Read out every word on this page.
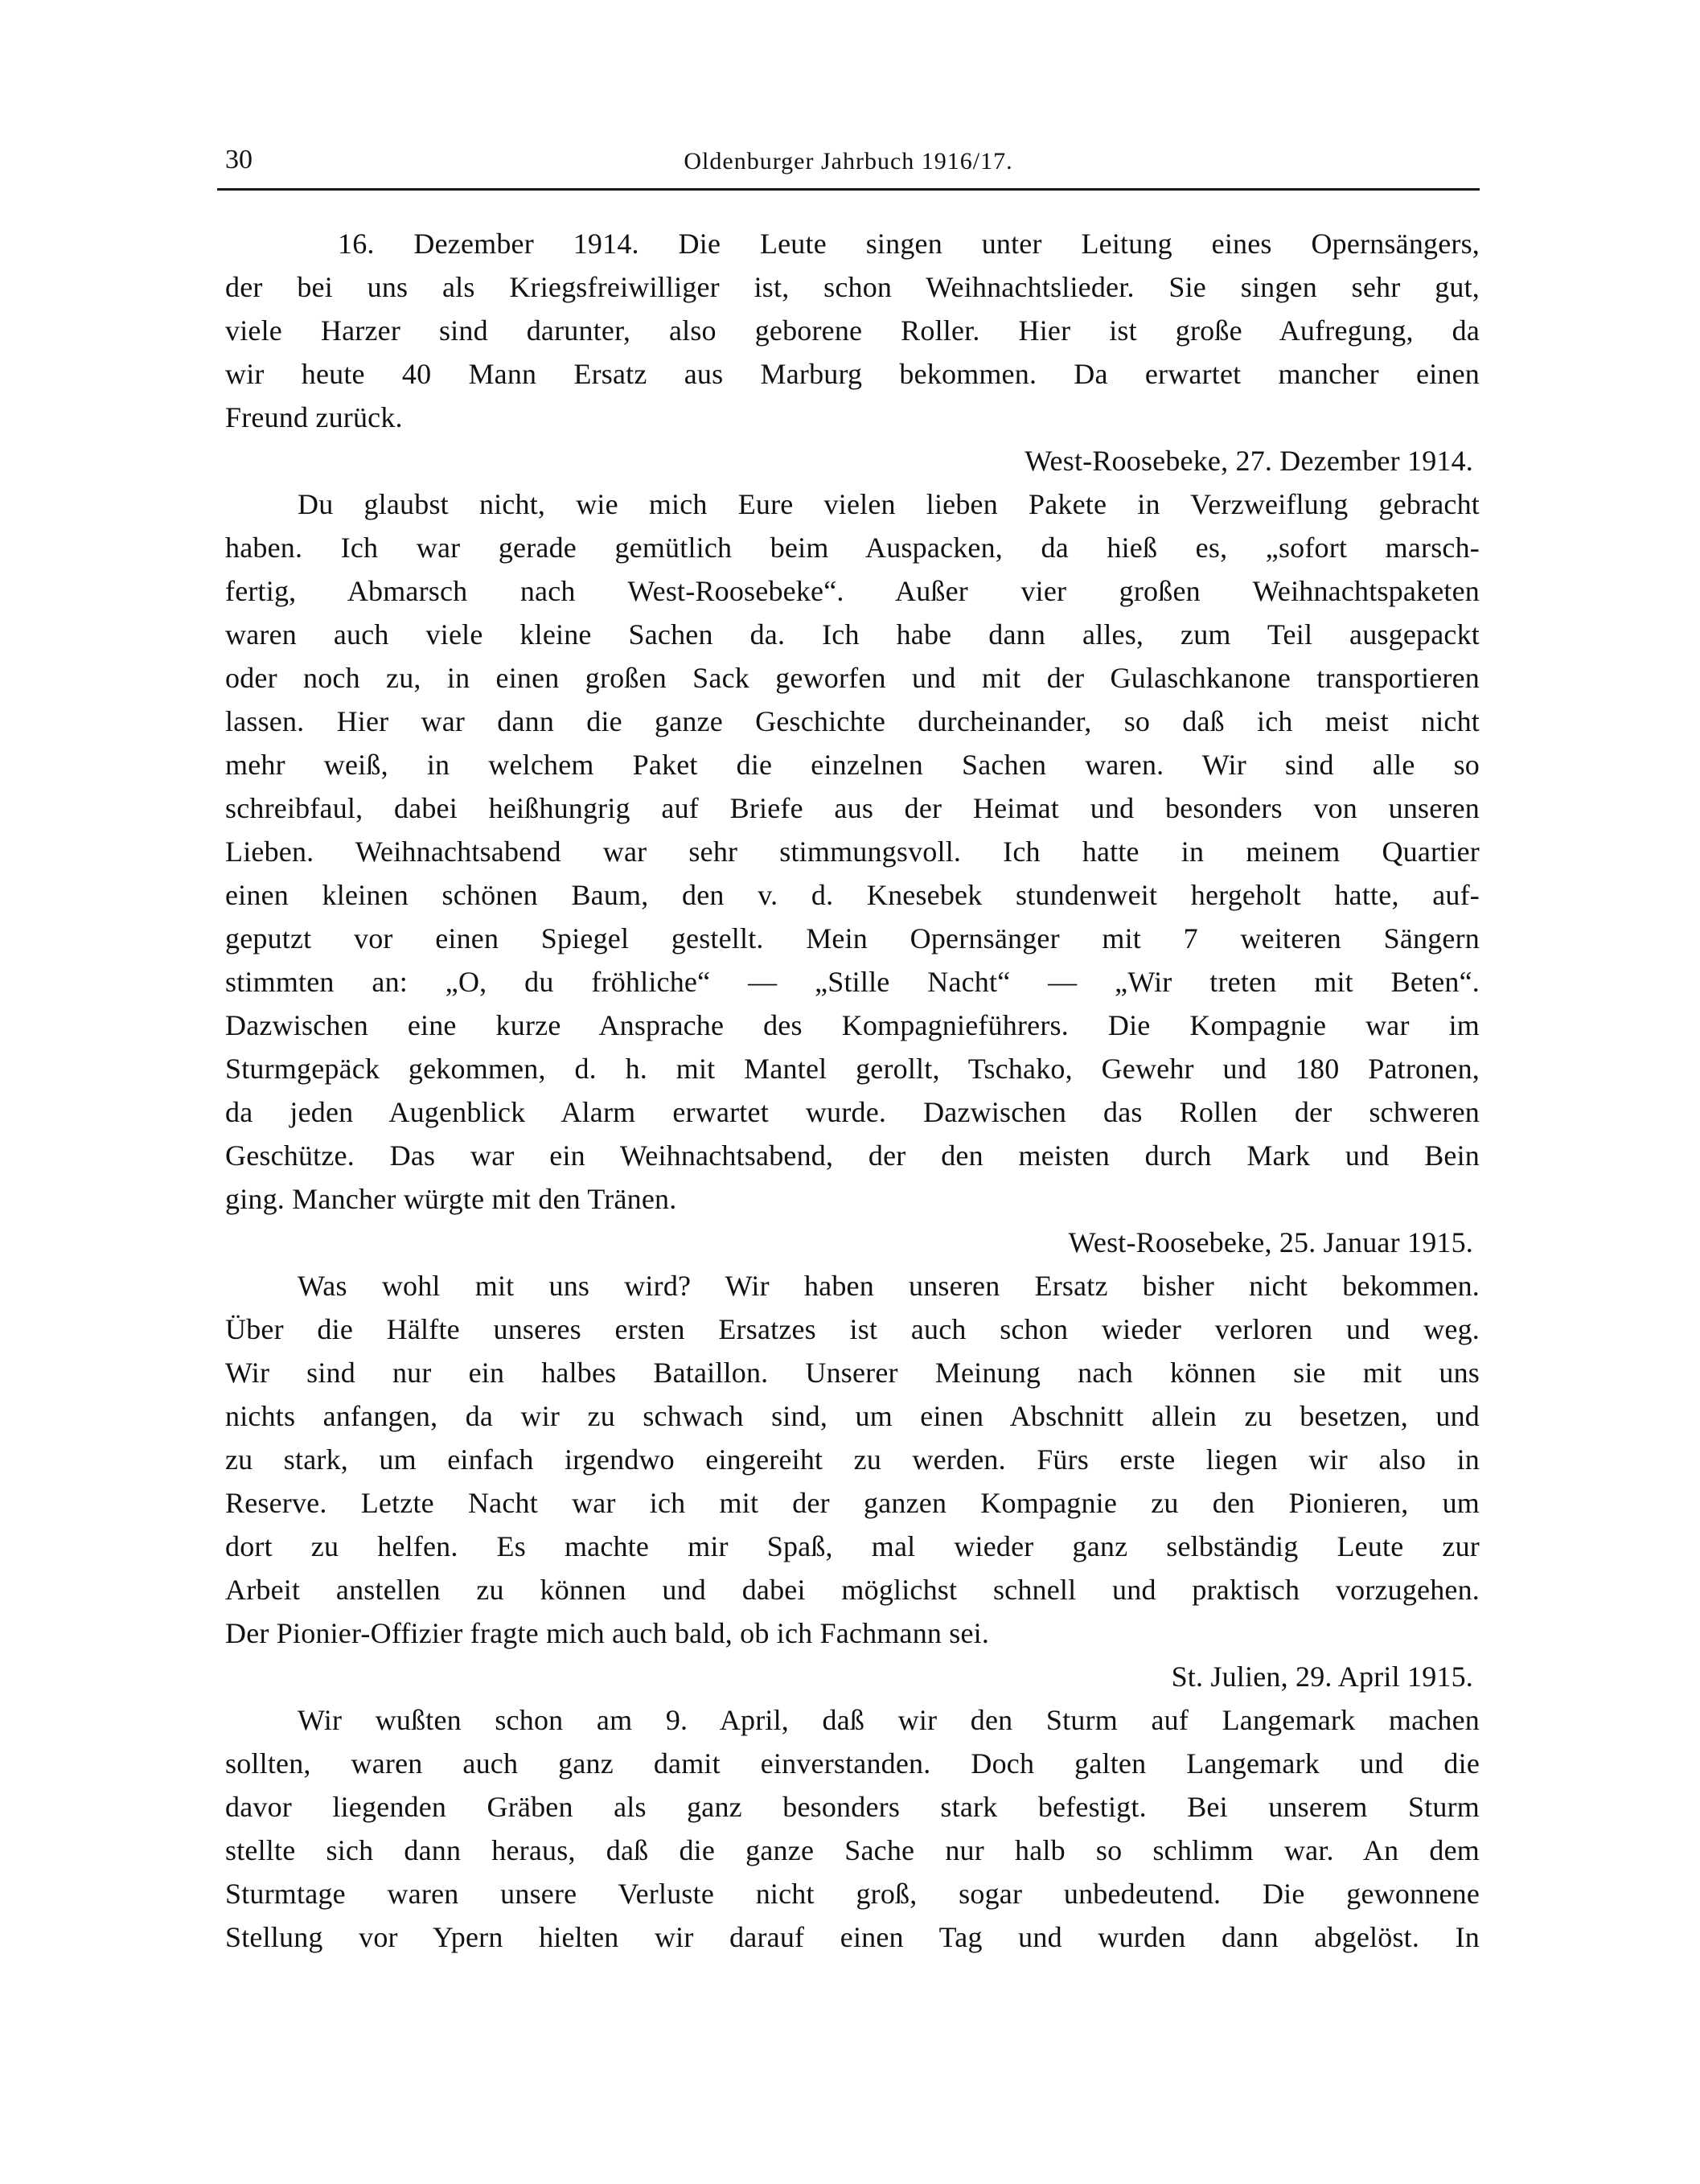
30	Oldenburger Jahrbuch 1916/17.
16. Dezember 1914. Die Leute singen unter Leitung eines Opernsängers,
der bei uns als Kriegsfreiwilliger ist, schon Weihnachtslieder. Sie singen sehr gut,
viele Harzer sind darunter, also geborene Roller. Hier ist große Aufregung, da
wir heute 40 Mann Ersatz aus Marburg bekommen. Da erwartet mancher einen
Freund zurück.
West-Roosebeke, 27. Dezember 1914.
Du glaubst nicht, wie mich Eure vielen lieben Pakete in Verzweiflung gebracht
haben. Ich war gerade gemütlich beim Auspacken, da hieß es, „sofort marsch-
fertig, Abmarsch nach West-Roosebeke“. Außer vier großen Weihnachtspaketen
waren auch viele kleine Sachen da. Ich habe dann alles, zum Teil ausgepackt
oder noch zu, in einen großen Sack geworfen und mit der Gulaschkanone transportieren
lassen. Hier war dann die ganze Geschichte durcheinander, so daß ich meist nicht
mehr weiß, in welchem Paket die einzelnen Sachen waren. Wir sind alle so
schreibfaul, dabei heißhungrig auf Briefe aus der Heimat und besonders von unseren
Lieben. Weihnachtsabend war sehr stimmungsvoll. Ich hatte in meinem Quartier
einen kleinen schönen Baum, den v. d. Knesebek stundenweit hergeholt hatte, auf-
geputzt vor einen Spiegel gestellt. Mein Opernsänger mit 7 weiteren Sängern
stimmten an: „O, du fröhliche“ — „Stille Nacht“ — „Wir treten mit Beten“.
Dazwischen eine kurze Ansprache des Kompagnieführers. Die Kompagnie war im
Sturmgepäck gekommen, d. h. mit Mantel gerollt, Tschako, Gewehr und 180 Patronen,
da jeden Augenblick Alarm erwartet wurde. Dazwischen das Rollen der schweren
Geschütze. Das war ein Weihnachtsabend, der den meisten durch Mark und Bein
ging. Mancher würgte mit den Tränen.
West-Roosebeke, 25. Januar 1915.
Was wohl mit uns wird? Wir haben unseren Ersatz bisher nicht bekommen.
Über die Hälfte unseres ersten Ersatzes ist auch schon wieder verloren und weg.
Wir sind nur ein halbes Bataillon. Unserer Meinung nach können sie mit uns
nichts anfangen, da wir zu schwach sind, um einen Abschnitt allein zu besetzen, und
zu stark, um einfach irgendwo eingereiht zu werden. Fürs erste liegen wir also in
Reserve. Letzte Nacht war ich mit der ganzen Kompagnie zu den Pionieren, um
dort zu helfen. Es machte mir Spaß, mal wieder ganz selbständig Leute zur
Arbeit anstellen zu können und dabei möglichst schnell und praktisch vorzugehen.
Der Pionier-Offizier fragte mich auch bald, ob ich Fachmann sei.
St. Julien, 29. April 1915.
Wir wußten schon am 9. April, daß wir den Sturm auf Langemark machen
sollten, waren auch ganz damit einverstanden. Doch galten Langemark und die
davor liegenden Gräben als ganz besonders stark befestigt. Bei unserem Sturm
stellte sich dann heraus, daß die ganze Sache nur halb so schlimm war. An dem
Sturmtage waren unsere Verluste nicht groß, sogar unbedeutend. Die gewonnene
Stellung vor Ypern hielten wir darauf einen Tag und wurden dann abgelöst. In
